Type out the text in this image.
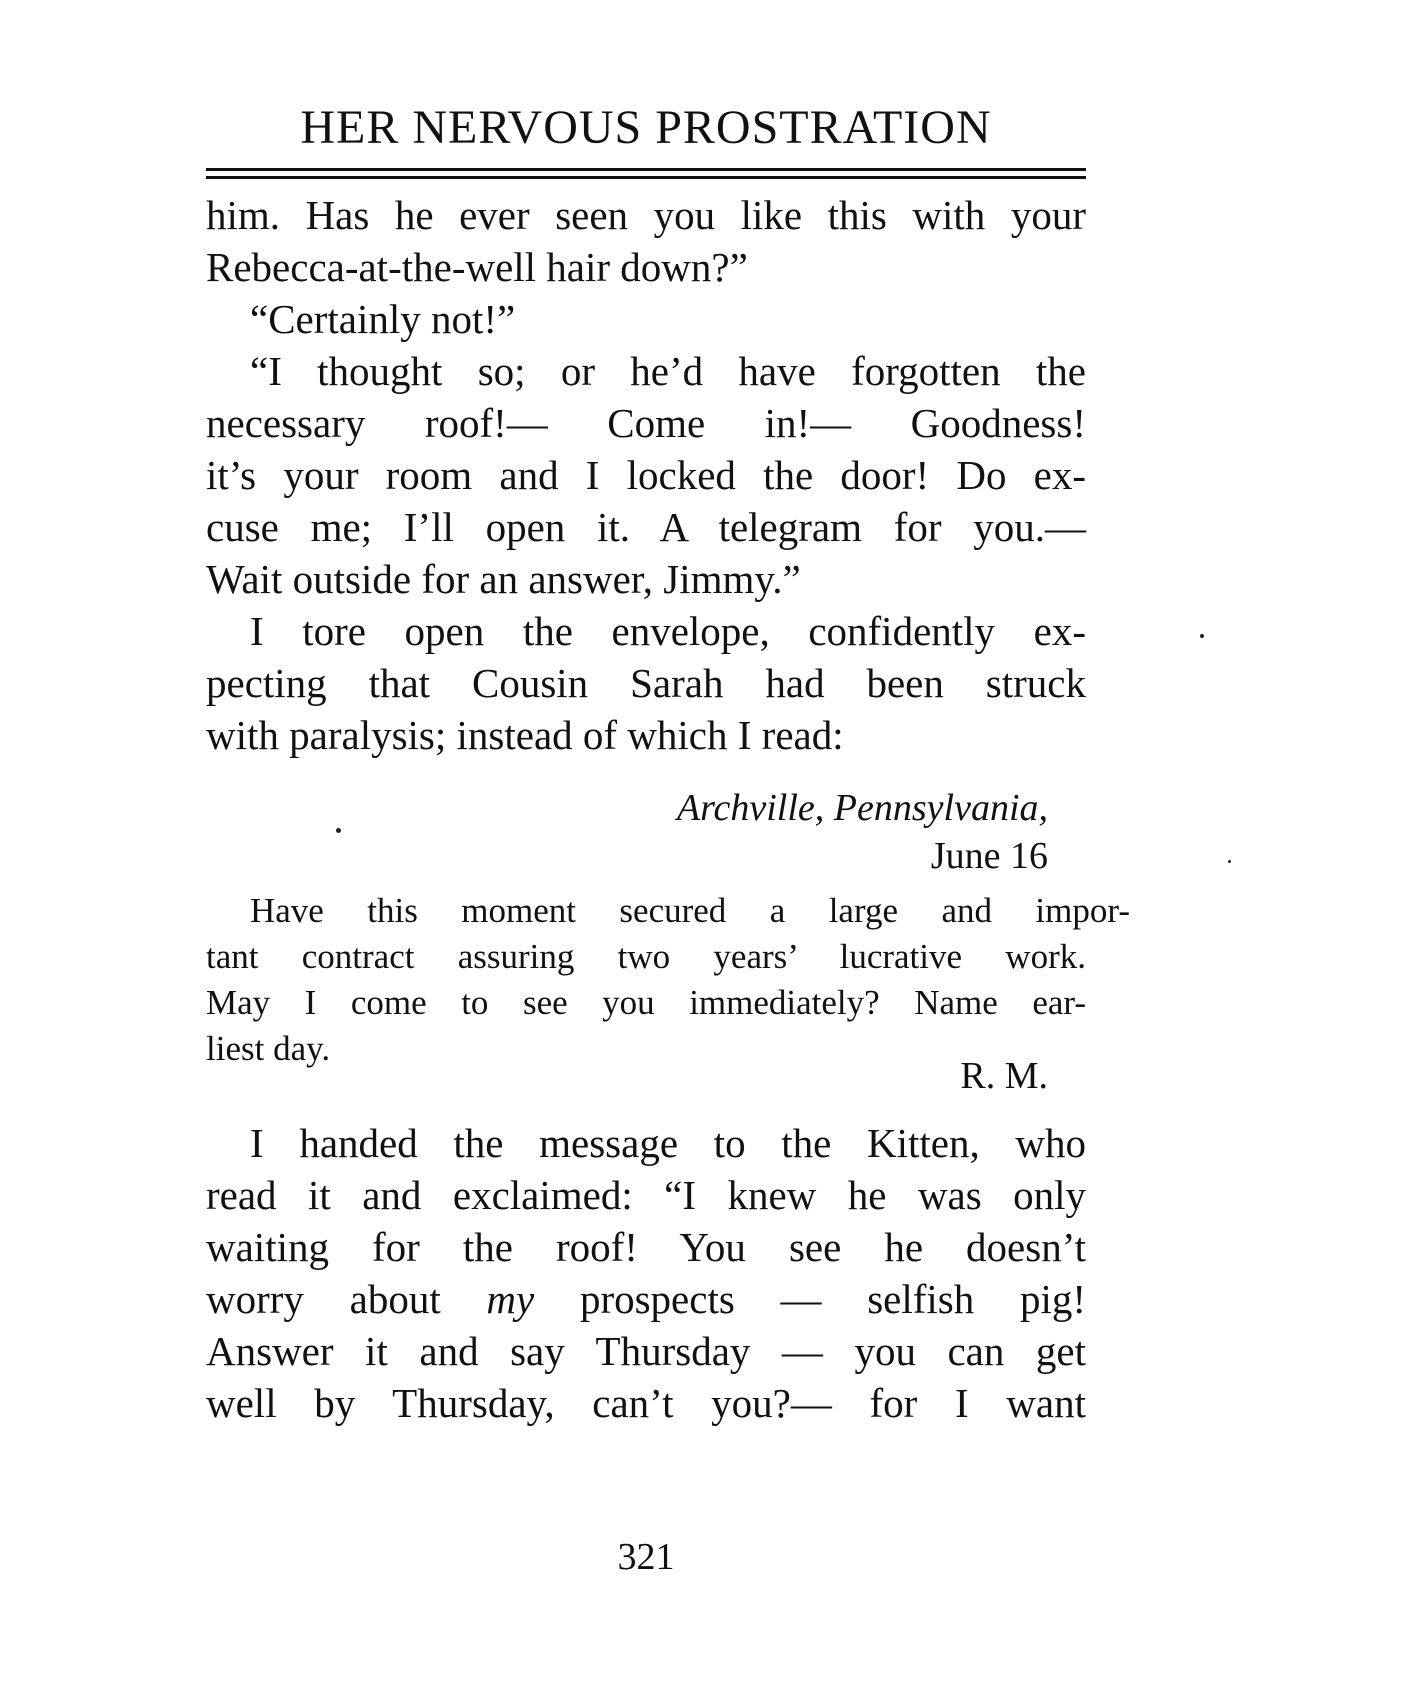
HER NERVOUS PROSTRATION
him. Has he ever seen you like this with your
Rebecca-at-the-well hair down?”
“Certainly not!”
“I thought so; or he’d have forgotten the
necessary roof!— Come in!— Goodness!
it’s your room and I locked the door! Do ex-
cuse me; I’ll open it. A telegram for you.—
Wait outside for an answer, Jimmy.”
I tore open the envelope, confidently ex-
pecting that Cousin Sarah had been struck
with paralysis; instead of which I read:
Archville, Pennsylvania,
June 16
Have this moment secured a large and impor-
tant contract assuring two years’ lucrative work.
May I come to see you immediately? Name ear-
liest day.
R. M.
I handed the message to the Kitten, who
read it and exclaimed: “I knew he was only
waiting for the roof! You see he doesn’t
worry about my prospects — selfish pig!
Answer it and say Thursday — you can get
well by Thursday, can’t you?— for I want
321
